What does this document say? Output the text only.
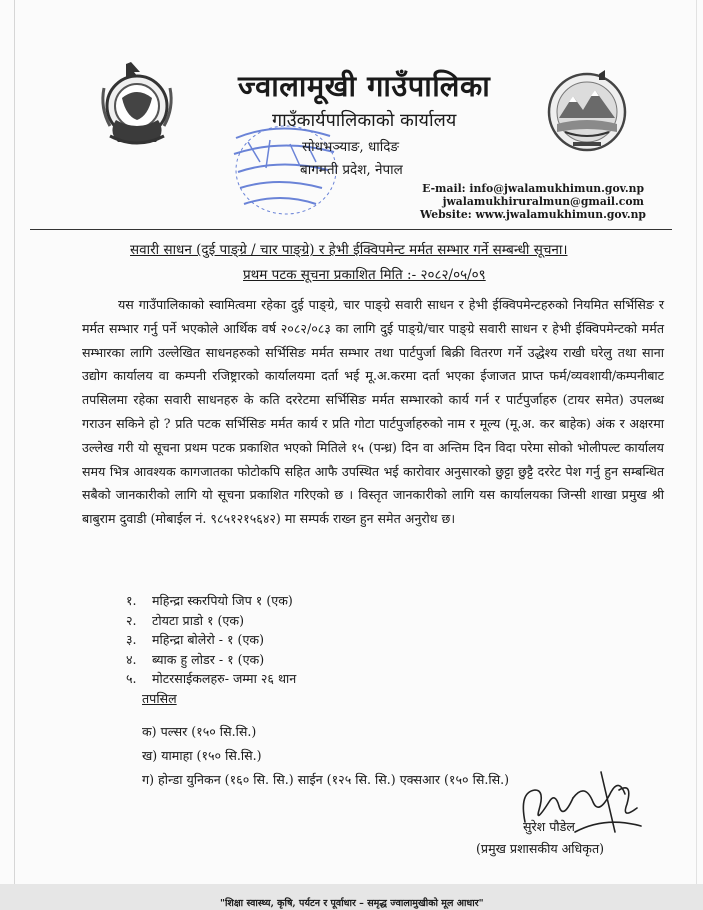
ज्वालामूखी गाउँपालिका
गाउँकार्यपालिकाको कार्यालय
सोधभञ्याङ, धादिङ
बागमती प्रदेश, नेपाल
E-mail: info@jwalamukhimun.gov.np
jwalamukhiruralmun@gmail.com
Website: www.jwalamukhimun.gov.np
सवारी साधन (दुई पाङ्ग्रे / चार पाङ्ग्रे) र हेभी ईक्विपमेन्ट मर्मत सम्भार गर्ने सम्बन्धी सूचना।
प्रथम पटक सूचना प्रकाशित मिति :- २०८२/०५/०९
यस गाउँपालिकाको स्वामित्वमा रहेका दुई पाङ्ग्रे, चार पाङ्ग्रे सवारी साधन र हेभी ईक्विपमेन्टहरुको नियमित सर्भिसिङ र मर्मत सम्भार गर्नु पर्ने भएकोले आर्थिक वर्ष २०८२/०८३ का लागि दुई पाङ्ग्रे/चार पाङ्ग्रे सवारी साधन र हेभी ईक्विपमेन्टको मर्मत सम्भारका लागि उल्लेखित साधनहरुको सर्भिसिङ मर्मत सम्भार तथा पार्टपुर्जा बिक्री वितरण गर्ने उद्धेश्य राखी घरेलु तथा साना उद्योग कार्यालय वा कम्पनी रजिष्ट्रारको कार्यालयमा दर्ता भई मू.अ.करमा दर्ता भएका ईजाजत प्राप्त फर्म/व्यवशायी/कम्पनीबाट तपसिलमा रहेका सवारी साधनहरु के कति दररेटमा सर्भिसिङ मर्मत सम्भारको कार्य गर्न र पार्टपुर्जाहरु (टायर समेत) उपलब्ध गराउन सकिने हो ? प्रति पटक सर्भिसिङ मर्मत कार्य र प्रति गोटा पार्टपुर्जाहरुको नाम र मूल्य (मू.अ. कर बाहेक) अंक र अक्षरमा उल्लेख गरी यो सूचना प्रथम पटक प्रकाशित भएको मितिले १५ (पन्ध्र) दिन वा अन्तिम दिन विदा परेमा सोको भोलीपल्ट कार्यालय समय भित्र आवश्यक कागजातका फोटोकपि सहित आफै उपस्थित भई कारोवार अनुसारको छुट्टा छुट्टै दररेट पेश गर्नु हुन सम्बन्धित सबैको जानकारीको लागि यो सूचना प्रकाशित गरिएको छ । विस्तृत जानकारीको लागि यस कार्यालयका जिन्सी शाखा प्रमुख श्री बाबुराम दुवाडी (मोबाईल नं. ९८५१२१५६४२) मा सम्पर्क राख्न हुन समेत अनुरोध छ।
१. महिन्द्रा स्करपियो जिप १ (एक)
२. टोयटा प्राडो १ (एक)
३. महिन्द्रा बोलेरो - १ (एक)
४. ब्याक हु लोडर - १ (एक)
५. मोटरसाईकलहरु- जम्मा २६ थान
तपसिल
क) पल्सर (१५० सि.सि.)
ख) यामाहा (१५० सि.सि.)
ग) होन्डा युनिकन (१६० सि. सि.) साईन (१२५ सि. सि.) एक्सआर (१५० सि.सि.)
सुरेश पौडेल
(प्रमुख प्रशासकीय अधिकृत)
"शिक्षा स्वास्थ्य, कृषि, पर्यटन र पूर्वाधार – समृद्ध ज्वालामुखीको मूल आधार"
